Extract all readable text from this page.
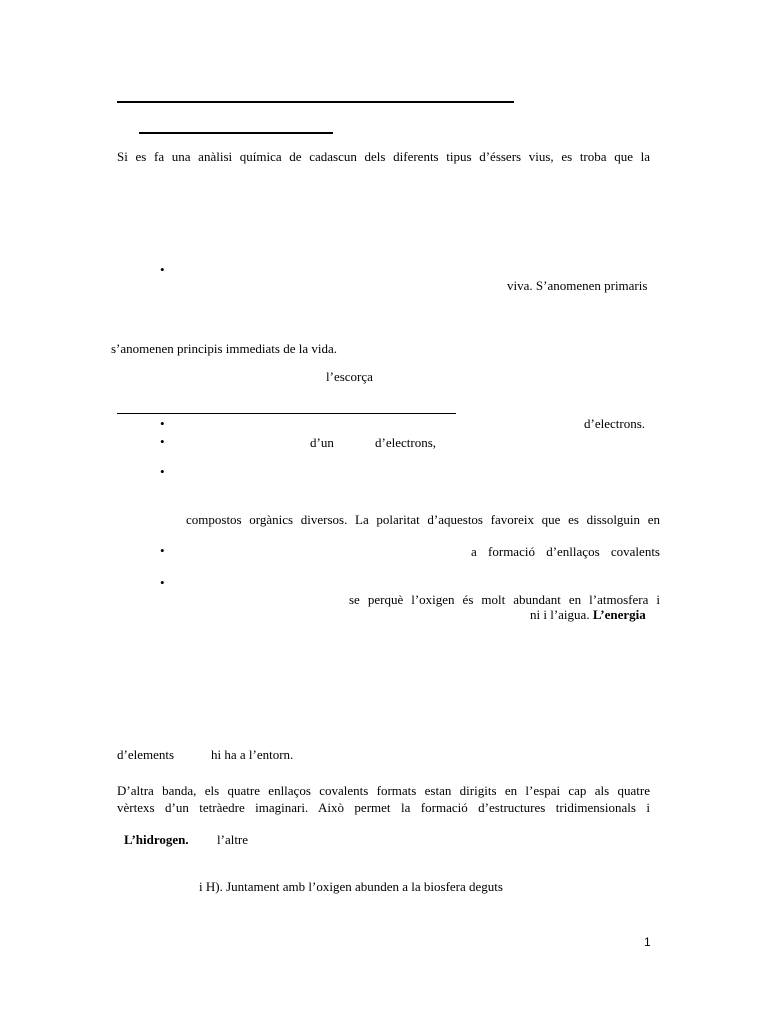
Si es fa una anàlisi química de cadascun dels diferents tipus d’éssers vius, es troba que la
•
viva. S’anomenen primaris
s’anomenen principis immediats de la vida.
l’escorça
•	d’electrons.
•	d’un	d’electrons,
•
compostos orgànics diversos. La polaritat d’aquestos favoreix que es dissolguin en
•	a formació d’enllaços covalents
•
se perquè l’oxigen és molt abundant en l’atmosfera i
ni i l’aigua. L’energia
d’elements	hi ha a l’entorn.
D’altra banda, els quatre enllaços covalents formats estan dirigits en l’espai cap als quatre
vèrtexs d’un tetràedre imaginari. Això permet la formació d’estructures tridimensionals i
L’hidrogen. l’altre
i H). Juntament amb l’oxigen abunden a la biosfera deguts
1
